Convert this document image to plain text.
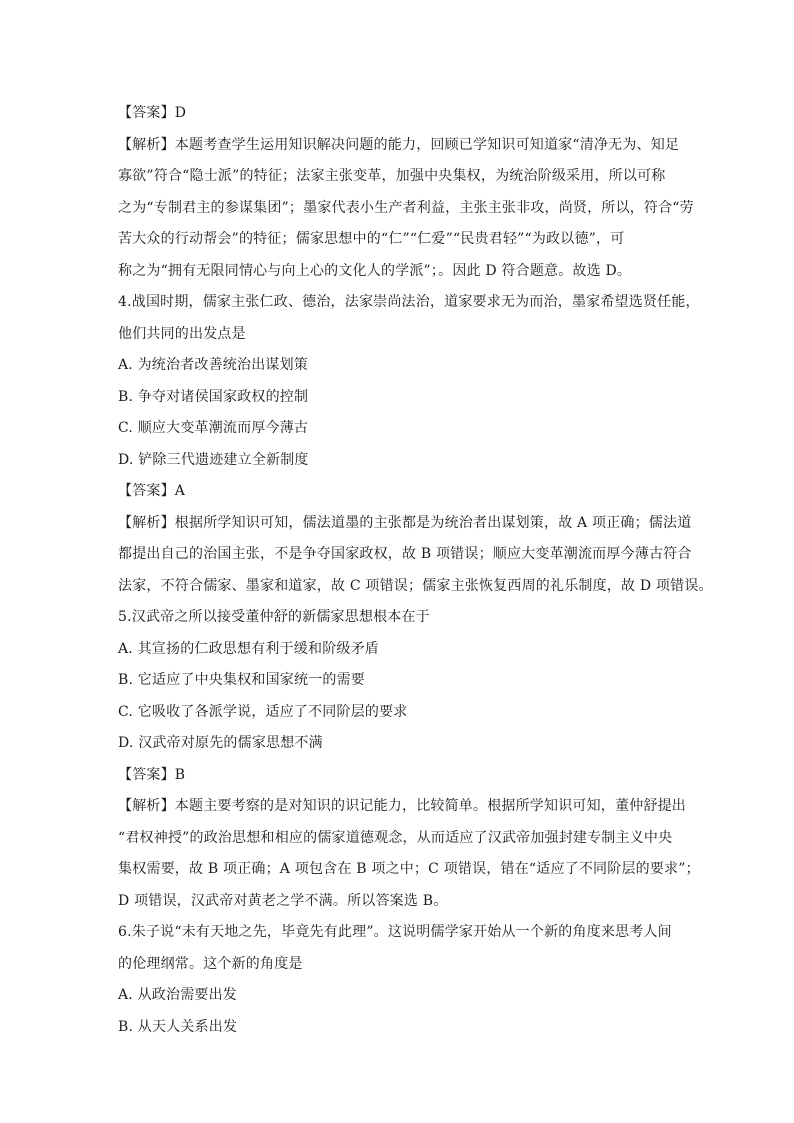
【答案】D
【解析】本题考查学生运用知识解决问题的能力，回顾已学知识可知道家“清净无为、知足
寡欲”符合“隐士派”的特征；法家主张变革，加强中央集权，为统治阶级采用，所以可称
之为“专制君主的参谋集团”；墨家代表小生产者利益，主张主张非攻，尚贤，所以，符合“劳
苦大众的行动帮会”的特征；儒家思想中的“仁”“仁爱”“民贵君轻”“为政以德”，可
称之为“拥有无限同情心与向上心的文化人的学派”；。因此 D 符合题意。故选 D。
4.战国时期，儒家主张仁政、德治，法家崇尚法治，道家要求无为而治，墨家希望选贤任能，
他们共同的出发点是
A. 为统治者改善统治出谋划策
B. 争夺对诸侯国家政权的控制
C. 顺应大变革潮流而厚今薄古
D. 铲除三代遗迹建立全新制度
【答案】A
【解析】根据所学知识可知，儒法道墨的主张都是为统治者出谋划策，故 A 项正确；儒法道
都提出自己的治国主张，不是争夺国家政权，故 B 项错误；顺应大变革潮流而厚今薄古符合
法家，不符合儒家、墨家和道家，故 C 项错误；儒家主张恢复西周的礼乐制度，故 D 项错误。
5.汉武帝之所以接受董仲舒的新儒家思想根本在于
A. 其宣扬的仁政思想有利于缓和阶级矛盾
B. 它适应了中央集权和国家统一的需要
C. 它吸收了各派学说，适应了不同阶层的要求
D. 汉武帝对原先的儒家思想不满
【答案】B
【解析】本题主要考察的是对知识的识记能力，比较简单。根据所学知识可知，董仲舒提出
“君权神授”的政治思想和相应的儒家道德观念，从而适应了汉武帝加强封建专制主义中央
集权需要，故 B 项正确；A 项包含在 B 项之中；C 项错误，错在“适应了不同阶层的要求”；
D 项错误，汉武帝对黄老之学不满。所以答案选 B。
6.朱子说“未有天地之先，毕竟先有此理”。这说明儒学家开始从一个新的角度来思考人间
的伦理纲常。这个新的角度是
A. 从政治需要出发
B. 从天人关系出发
